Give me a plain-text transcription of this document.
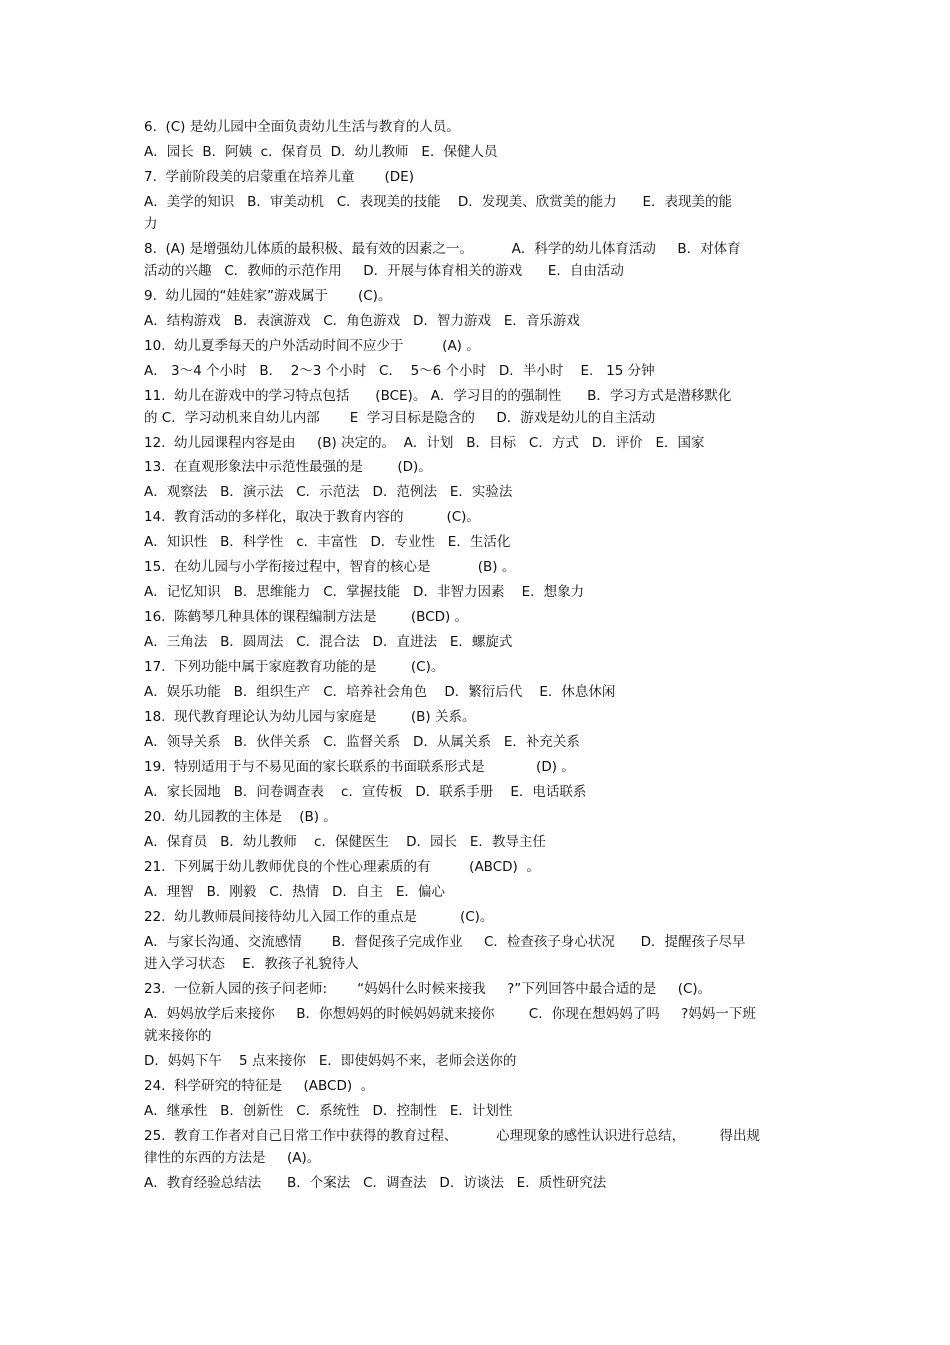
6.  (C) 是幼儿园中全面负责幼儿生活与教育的人员。
A．园长  B．阿姨  c．保育员  D．幼儿教师   E．保健人员
7.  学前阶段美的启蒙重在培养儿童       (DE)
A．美学的知识   B．审美动机   C．表现美的技能    D．发现美、欣赏美的能力      E．表现美的能
力
8.  (A) 是增强幼儿体质的最积极、最有效的因素之一。         A．科学的幼儿体育活动     B．对体育
活动的兴趣   C．教师的示范作用     D．开展与体育相关的游戏      E．自由活动
9.  幼儿园的“娃娃家”游戏属于       (C)。
A．结构游戏   B．表演游戏   C．角色游戏   D．智力游戏   E．音乐游戏
10.  幼儿夏季每天的户外活动时间不应少于         (A) 。
A． 3～4 个小时   B．  2～3 个小时   C．  5～6 个小时   D．半小时    E.   15 分钟
11.  幼儿在游戏中的学习特点包括      (BCE)。 A．学习目的的强制性      B．学习方式是潜移默化
的 C．学习动机来自幼儿内部       E  学习目标是隐含的     D．游戏是幼儿的自主活动
12.  幼儿园课程内容是由     (B) 决定的。  A．计划   B．目标   C．方式   D．评价   E．国家
13.  在直观形象法中示范性最强的是        (D)。
A．观察法   B．演示法   C．示范法   D．范例法   E．实验法
14.  教育活动的多样化，取决于教育内容的          (C)。
A．知识性   B．科学性   c．丰富性   D．专业性   E．生活化
15.  在幼儿园与小学衔接过程中，智育的核心是           (B) 。
A．记忆知识   B．思维能力   C．掌握技能   D．非智力因素    E．想象力
16.  陈鹤琴几种具体的课程编制方法是        (BCD) 。
A．三角法   B．圆周法   C．混合法   D．直进法   E．螺旋式
17.  下列功能中属于家庭教育功能的是        (C)。
A．娱乐功能   B．组织生产   C．培养社会角色    D．繁衍后代    E．休息休闲
18.  现代教育理论认为幼儿园与家庭是        (B) 关系。
A．领导关系   B．伙伴关系   C．监督关系   D．从属关系   E．补充关系
19.  特别适用于与不易见面的家长联系的书面联系形式是            (D) 。
A．家长园地   B．问卷调查表    c．宣传板   D．联系手册    E．电话联系
20.  幼儿园教的主体是    (B) 。
A．保育员   B．幼儿教师    c．保健医生    D．园长   E．教导主任
21.  下列属于幼儿教师优良的个性心理素质的有         (ABCD)  。
A．理智   B．刚毅   C．热情   D．自主   E．偏心
22.  幼儿教师晨间接待幼儿入园工作的重点是          (C)。
A．与家长沟通、交流感情       B．督促孩子完成作业     C．检查孩子身心状况      D．提醒孩子尽早
进入学习状态    E．教孩子礼貌待人
23.  一位新人园的孩子问老师:       “妈妈什么时候来接我     ?”下列回答中最合适的是     (C)。
A．妈妈放学后来接你     B．你想妈妈的时候妈妈就来接你        C．你现在想妈妈了吗     ?妈妈一下班
就来接你的
D．妈妈下午    5 点来接你   E．即使妈妈不来，老师会送你的
24.  科学研究的特征是     (ABCD)  。
A．继承性   B．创新性   C．系统性   D．控制性   E．计划性
25.  教育工作者对自己日常工作中获得的教育过程、         心理现象的感性认识进行总结，        得出规
律性的东西的方法是     (A)。
A．教育经验总结法      B．个案法   C．调查法   D．访谈法   E．质性研究法
